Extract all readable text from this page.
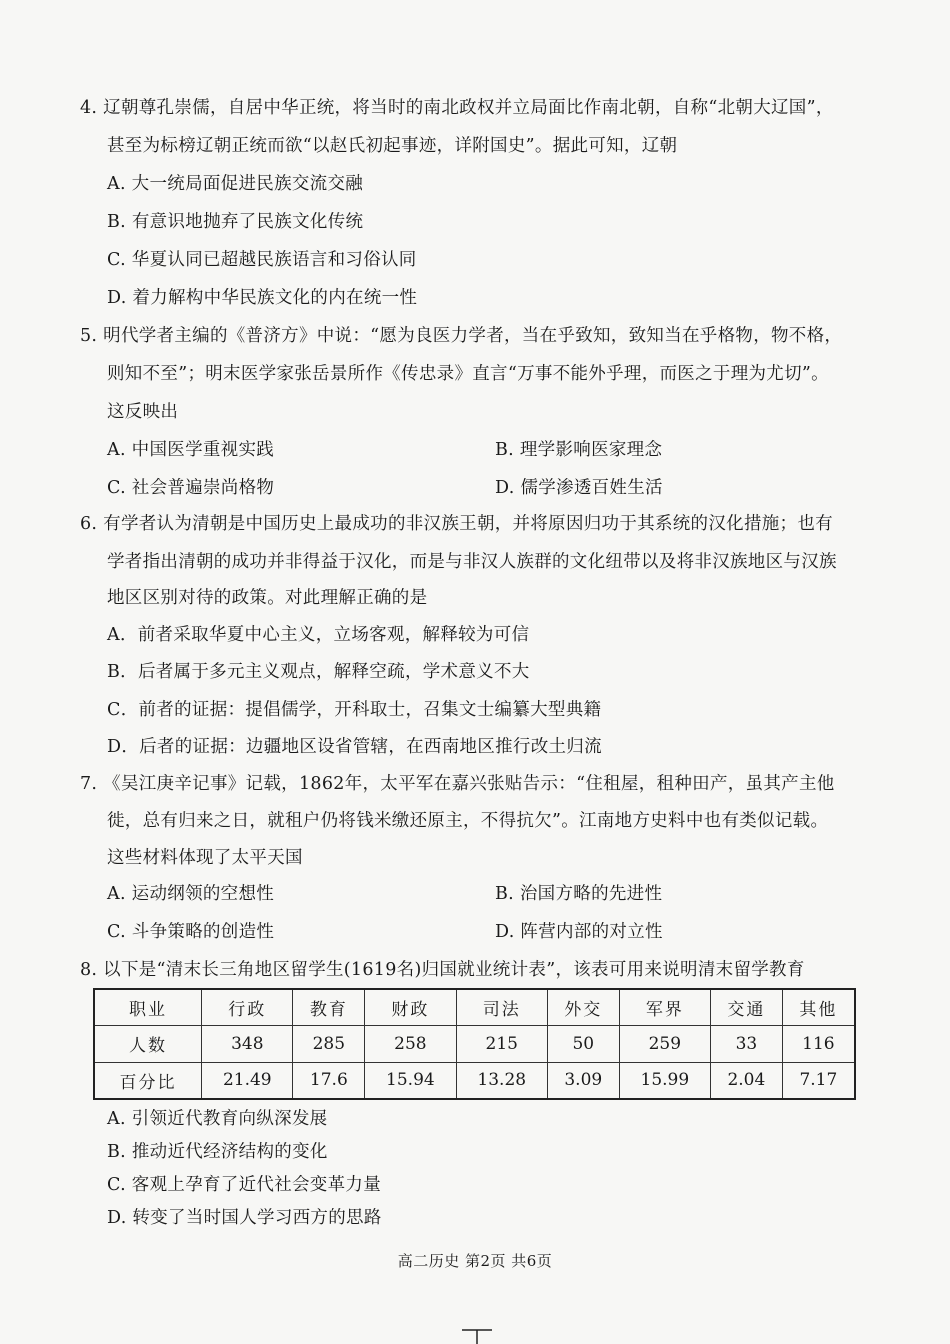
4. 辽朝尊孔崇儒，自居中华正统，将当时的南北政权并立局面比作南北朝，自称“北朝大辽国”，
甚至为标榜辽朝正统而欲“以赵氏初起事迹，详附国史”。据此可知，辽朝
A. 大一统局面促进民族交流交融
B. 有意识地抛弃了民族文化传统
C. 华夏认同已超越民族语言和习俗认同
D. 着力解构中华民族文化的内在统一性
5. 明代学者主编的《普济方》中说：“愿为良医力学者，当在乎致知，致知当在乎格物，物不格，
则知不至”；明末医学家张岳景所作《传忠录》直言“万事不能外乎理，而医之于理为尤切”。
这反映出
A. 中国医学重视实践	B. 理学影响医家理念
C. 社会普遍崇尚格物	D. 儒学渗透百姓生活
6. 有学者认为清朝是中国历史上最成功的非汉族王朝，并将原因归功于其系统的汉化措施；也有
学者指出清朝的成功并非得益于汉化，而是与非汉人族群的文化纽带以及将非汉族地区与汉族
地区区别对待的政策。对此理解正确的是
A．前者采取华夏中心主义，立场客观，解释较为可信
B．后者属于多元主义观点，解释空疏，学术意义不大
C．前者的证据：提倡儒学，开科取士，召集文士编纂大型典籍
D．后者的证据：边疆地区设省管辖，在西南地区推行改土归流
7. 《吴江庚辛记事》记载，1862年，太平军在嘉兴张贴告示：“住租屋，租种田产，虽其产主他
徙，总有归来之日，就租户仍将钱米缴还原主，不得抗欠”。江南地方史料中也有类似记载。
这些材料体现了太平天国
A. 运动纲领的空想性	B. 治国方略的先进性
C. 斗争策略的创造性	D. 阵营内部的对立性
8. 以下是“清末长三角地区留学生(1619名)归国就业统计表”，该表可用来说明清末留学教育
职业	行政	教育	财政	司法	外交	军界	交通	其他
人数	348	285	258	215	50	259	33	116
百分比	21.49	17.6	15.94	13.28	3.09	15.99	2.04	7.17
A. 引领近代教育向纵深发展
B. 推动近代经济结构的变化
C. 客观上孕育了近代社会变革力量
D. 转变了当时国人学习西方的思路
高二历史 第2页 共6页
